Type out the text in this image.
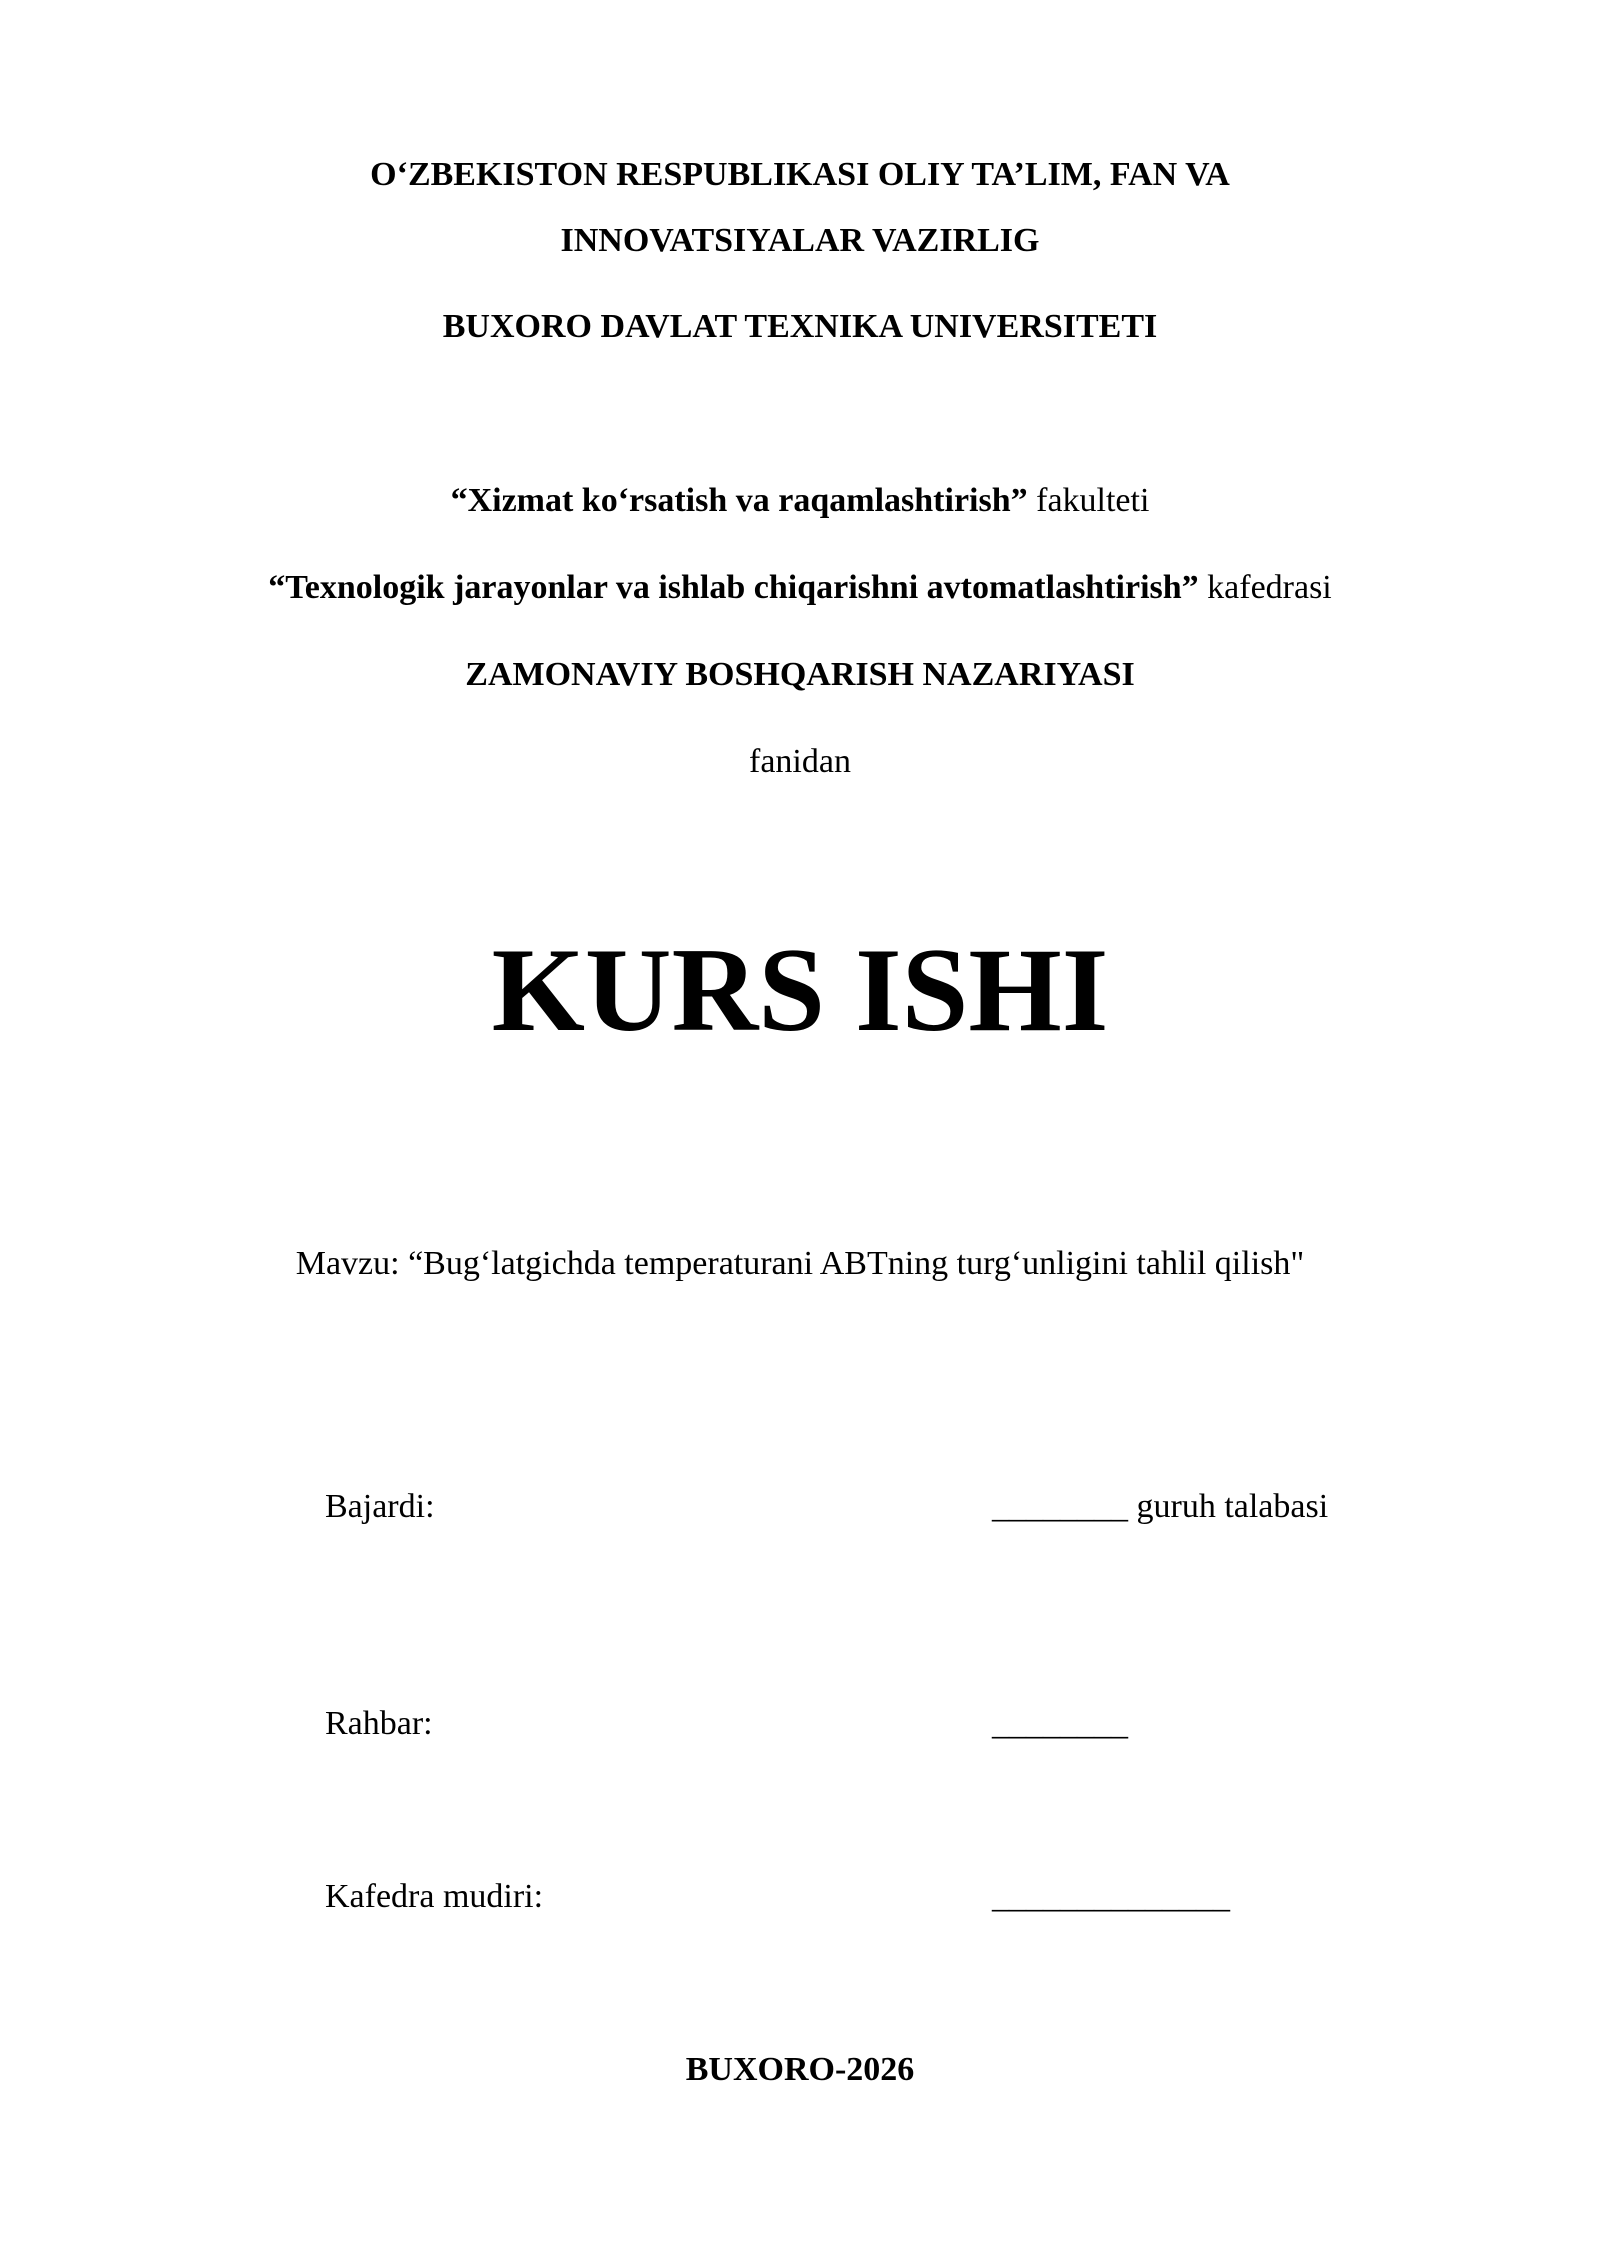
O‘ZBEKISTON RESPUBLIKASI OLIY TA’LIM, FAN VA
INNOVATSIYALAR VAZIRLIG
BUXORO DAVLAT TEXNIKA UNIVERSITETI
“Xizmat ko‘rsatish va raqamlashtirish” fakulteti
“Texnologik jarayonlar va ishlab chiqarishni avtomatlashtirish” kafedrasi
ZAMONAVIY BOSHQARISH NAZARIYASI
fanidan
KURS ISHI
Mavzu: “Bug‘latgichda temperaturani ABTning turg‘unligini tahlil qilish"
Bajardi:	________ guruh talabasi
Rahbar:	________
Kafedra mudiri:	______________
BUXORO-2026
